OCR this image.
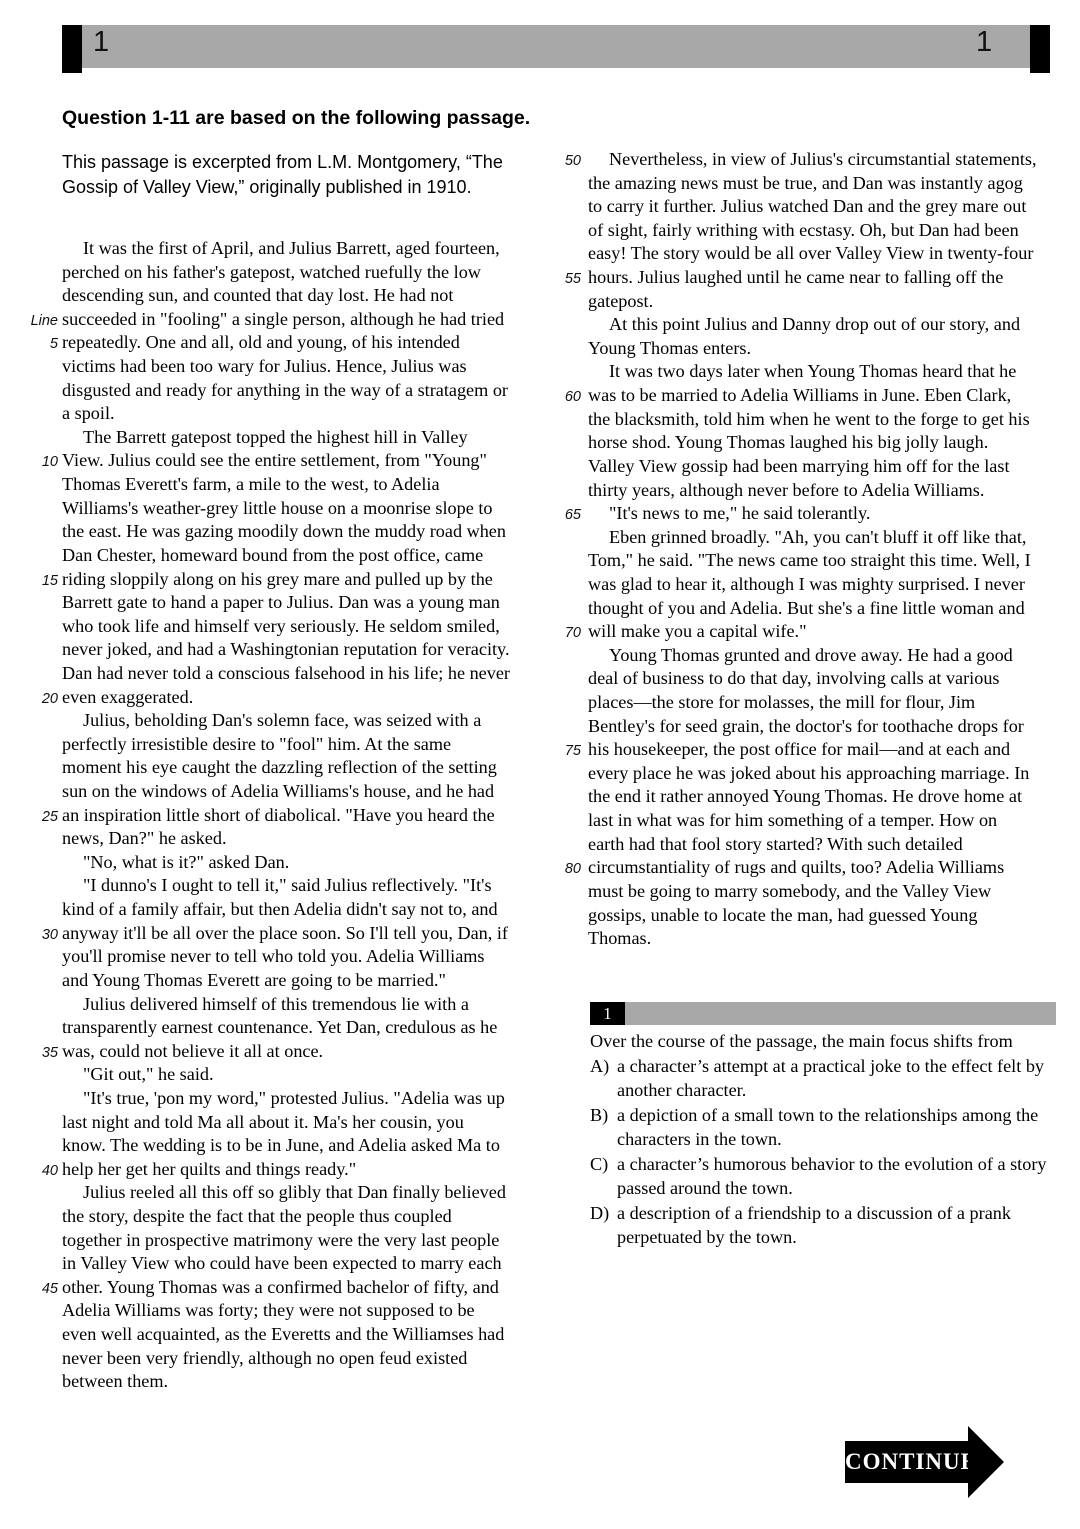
1	1
Question 1-11 are based on the following passage.
This passage is excerpted from L.M. Montgomery, “The Gossip of Valley View,” originally published in 1910.
It was the first of April, and Julius Barrett, aged fourteen,
perched on his father's gatepost, watched ruefully the low
descending sun, and counted that day lost. He had not
Line succeeded in "fooling" a single person, although he had tried
5 repeatedly. One and all, old and young, of his intended
victims had been too wary for Julius. Hence, Julius was
disgusted and ready for anything in the way of a stratagem or
a spoil.
The Barrett gatepost topped the highest hill in Valley
10 View. Julius could see the entire settlement, from "Young"
Thomas Everett's farm, a mile to the west, to Adelia
Williams's weather-grey little house on a moonrise slope to
the east. He was gazing moodily down the muddy road when
Dan Chester, homeward bound from the post office, came
15 riding sloppily along on his grey mare and pulled up by the
Barrett gate to hand a paper to Julius. Dan was a young man
who took life and himself very seriously. He seldom smiled,
never joked, and had a Washingtonian reputation for veracity.
Dan had never told a conscious falsehood in his life; he never
20 even exaggerated.
Julius, beholding Dan's solemn face, was seized with a
perfectly irresistible desire to "fool" him. At the same
moment his eye caught the dazzling reflection of the setting
sun on the windows of Adelia Williams's house, and he had
25 an inspiration little short of diabolical. "Have you heard the
news, Dan?" he asked.
"No, what is it?" asked Dan.
"I dunno's I ought to tell it," said Julius reflectively. "It's
kind of a family affair, but then Adelia didn't say not to, and
30 anyway it'll be all over the place soon. So I'll tell you, Dan, if
you'll promise never to tell who told you. Adelia Williams
and Young Thomas Everett are going to be married."
Julius delivered himself of this tremendous lie with a
transparently earnest countenance. Yet Dan, credulous as he
35 was, could not believe it all at once.
"Git out," he said.
"It's true, 'pon my word," protested Julius. "Adelia was up
last night and told Ma all about it. Ma's her cousin, you
know. The wedding is to be in June, and Adelia asked Ma to
40 help her get her quilts and things ready."
Julius reeled all this off so glibly that Dan finally believed
the story, despite the fact that the people thus coupled
together in prospective matrimony were the very last people
in Valley View who could have been expected to marry each
45 other. Young Thomas was a confirmed bachelor of fifty, and
Adelia Williams was forty; they were not supposed to be
even well acquainted, as the Everetts and the Williamses had
never been very friendly, although no open feud existed
between them.
50	Nevertheless, in view of Julius's circumstantial statements,
the amazing news must be true, and Dan was instantly agog
to carry it further. Julius watched Dan and the grey mare out
of sight, fairly writhing with ecstasy. Oh, but Dan had been
easy! The story would be all over Valley View in twenty-four
55 hours. Julius laughed until he came near to falling off the
gatepost.
At this point Julius and Danny drop out of our story, and
Young Thomas enters.
It was two days later when Young Thomas heard that he
60 was to be married to Adelia Williams in June. Eben Clark,
the blacksmith, told him when he went to the forge to get his
horse shod. Young Thomas laughed his big jolly laugh.
Valley View gossip had been marrying him off for the last
thirty years, although never before to Adelia Williams.
65	"It's news to me," he said tolerantly.
Eben grinned broadly. "Ah, you can't bluff it off like that,
Tom," he said. "The news came too straight this time. Well, I
was glad to hear it, although I was mighty surprised. I never
thought of you and Adelia. But she's a fine little woman and
70 will make you a capital wife."
Young Thomas grunted and drove away. He had a good
deal of business to do that day, involving calls at various
places—the store for molasses, the mill for flour, Jim
Bentley's for seed grain, the doctor's for toothache drops for
75 his housekeeper, the post office for mail—and at each and
every place he was joked about his approaching marriage. In
the end it rather annoyed Young Thomas. He drove home at
last in what was for him something of a temper. How on
earth had that fool story started? With such detailed
80 circumstantiality of rugs and quilts, too? Adelia Williams
must be going to marry somebody, and the Valley View
gossips, unable to locate the man, had guessed Young
Thomas.
1
Over the course of the passage, the main focus shifts from
A) a character’s attempt at a practical joke to the effect felt by another character.
B) a depiction of a small town to the relationships among the characters in the town.
C) a character’s humorous behavior to the evolution of a story passed around the town.
D) a description of a friendship to a discussion of a prank perpetuated by the town.
CONTINUE
